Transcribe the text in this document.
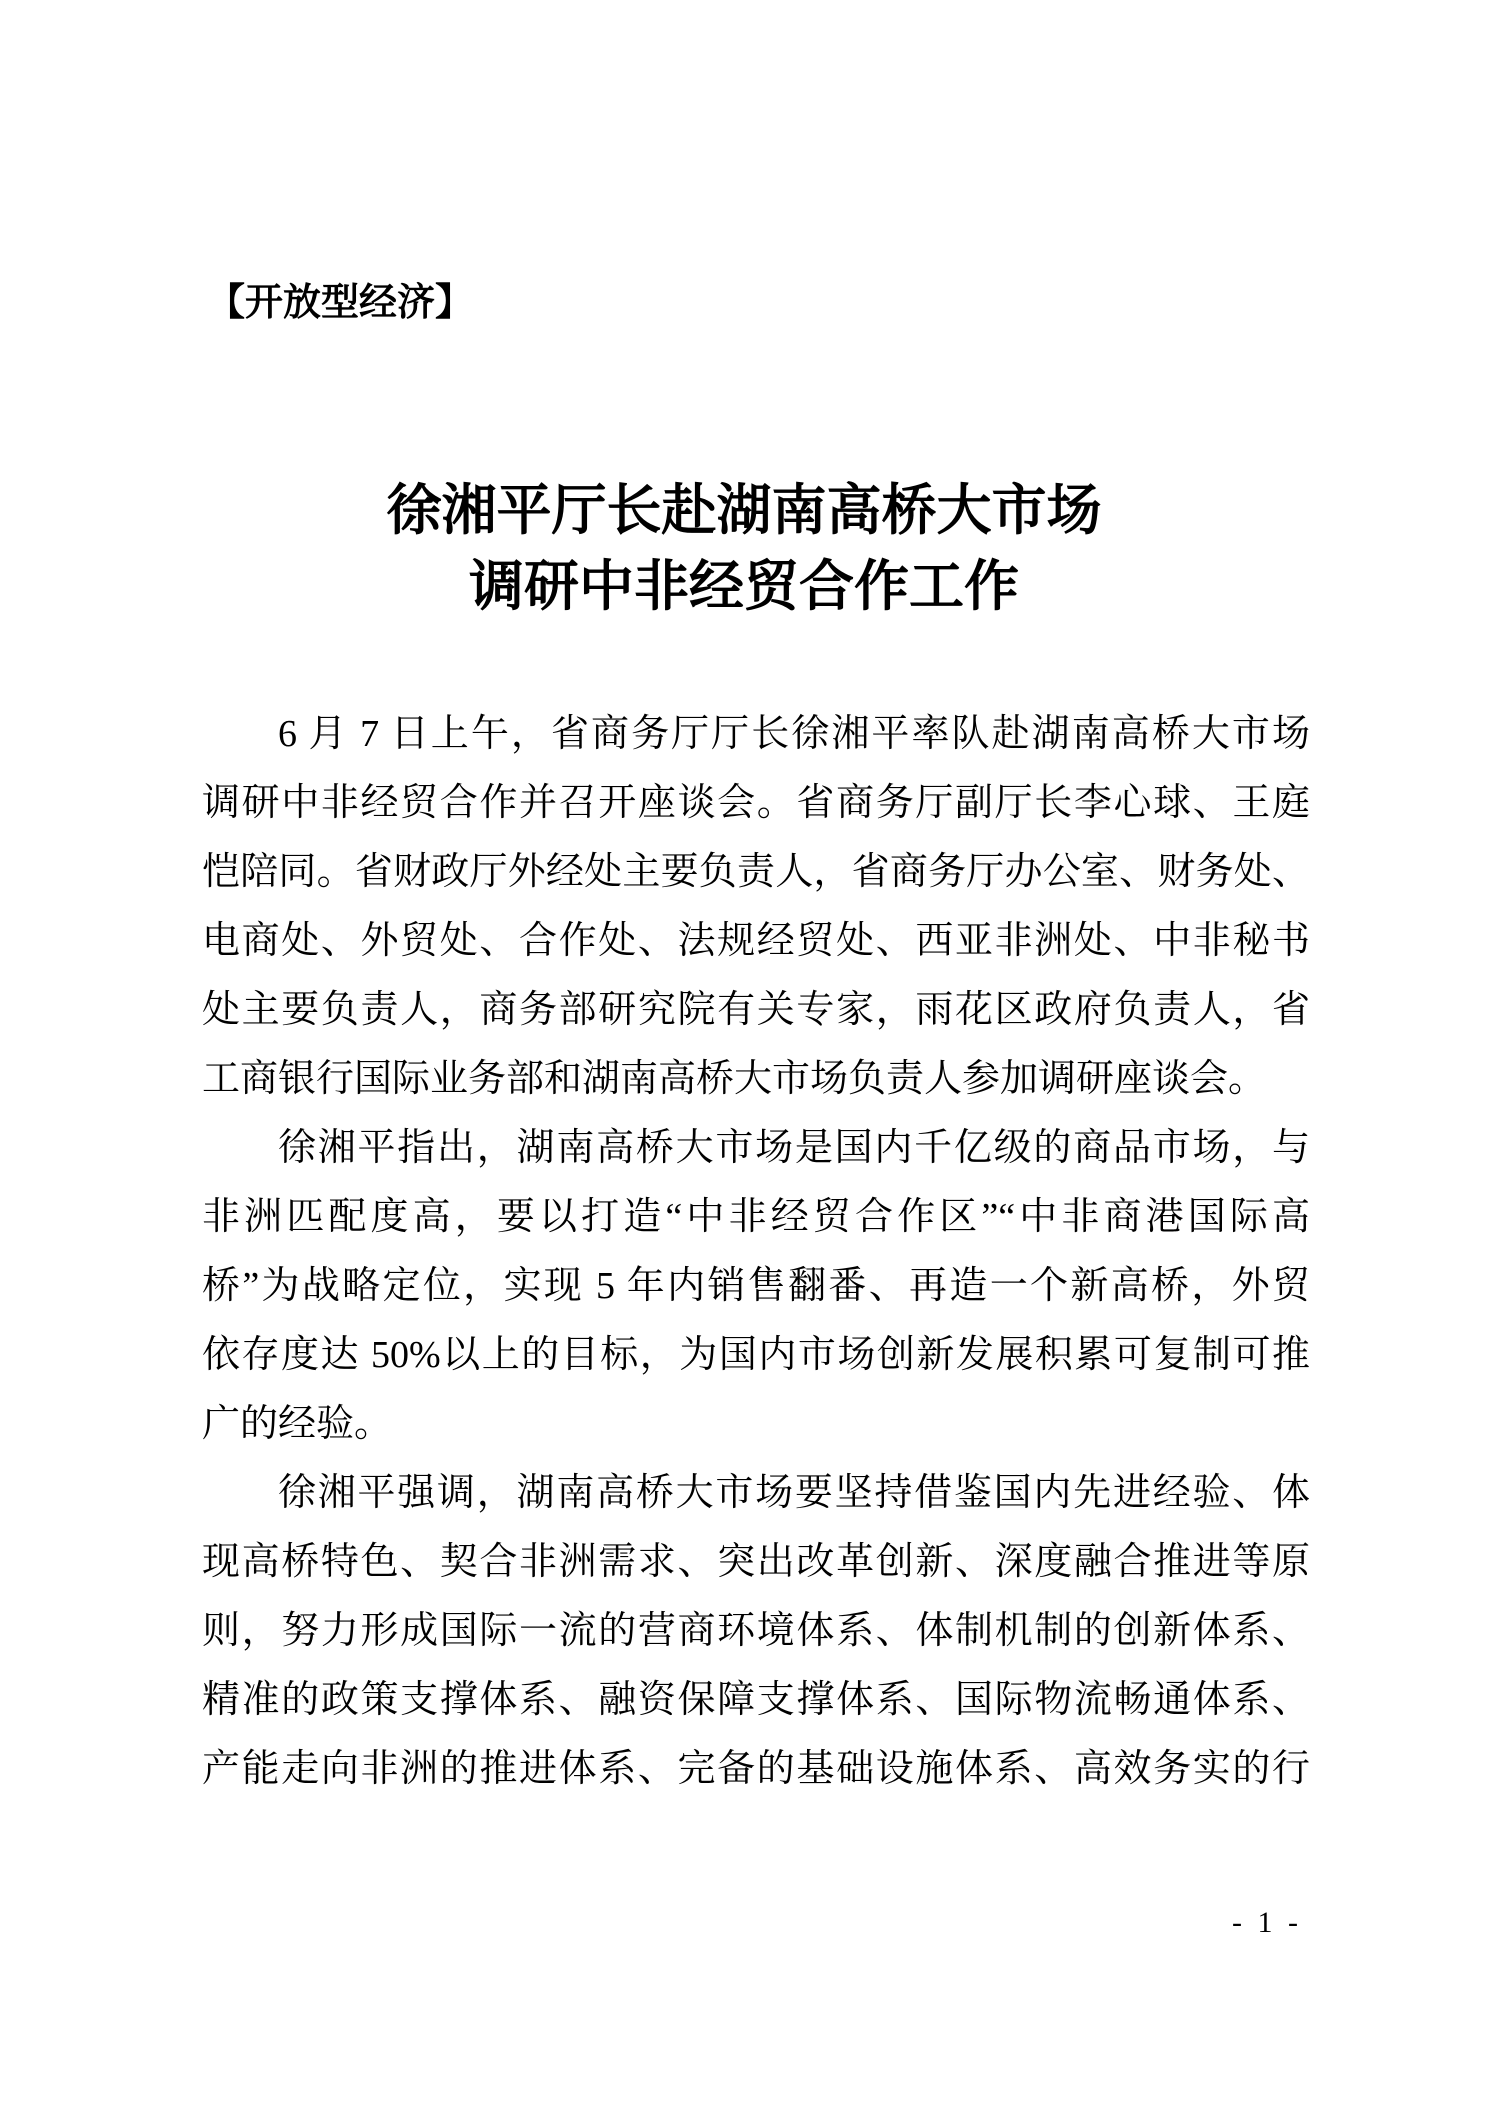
【开放型经济】
徐湘平厅长赴湖南高桥大市场
调研中非经贸合作工作
6 月 7 日上午，省商务厅厅长徐湘平率队赴湖南高桥大市场
调研中非经贸合作并召开座谈会。省商务厅副厅长李心球、王庭
恺陪同。省财政厅外经处主要负责人，省商务厅办公室、财务处、
电商处、外贸处、合作处、法规经贸处、西亚非洲处、中非秘书
处主要负责人，商务部研究院有关专家，雨花区政府负责人，省
工商银行国际业务部和湖南高桥大市场负责人参加调研座谈会。
徐湘平指出，湖南高桥大市场是国内千亿级的商品市场，与
非洲匹配度高，要以打造“中非经贸合作区”“中非商港国际高
桥”为战略定位，实现 5 年内销售翻番、再造一个新高桥，外贸
依存度达 50%以上的目标，为国内市场创新发展积累可复制可推
广的经验。
徐湘平强调，湖南高桥大市场要坚持借鉴国内先进经验、体
现高桥特色、契合非洲需求、突出改革创新、深度融合推进等原
则，努力形成国际一流的营商环境体系、体制机制的创新体系、
精准的政策支撑体系、融资保障支撑体系、国际物流畅通体系、
产能走向非洲的推进体系、完备的基础设施体系、高效务实的行
- 1 -
